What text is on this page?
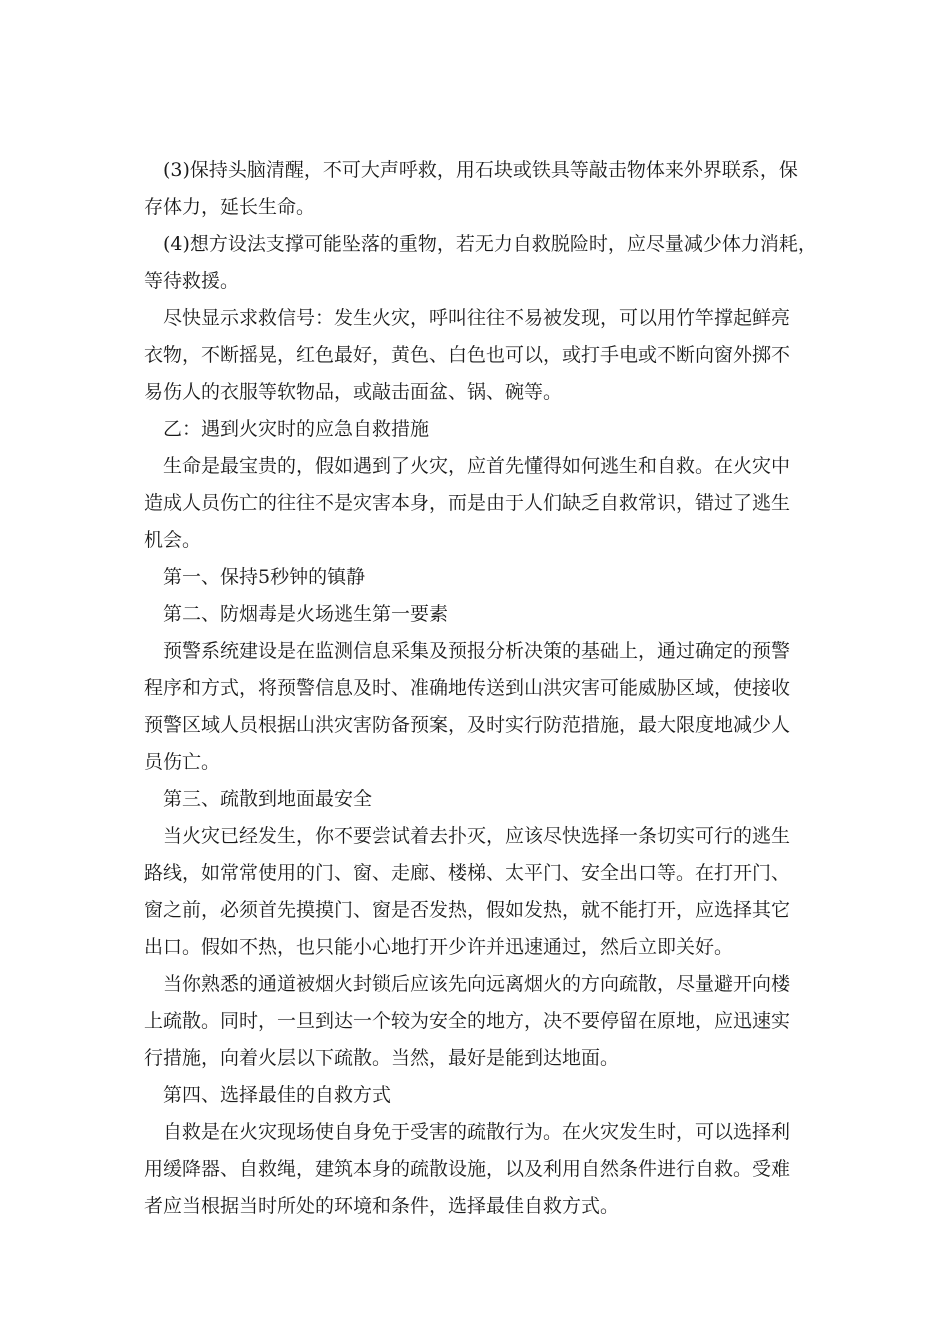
(3)保持头脑清醒，不可大声呼救，用石块或铁具等敲击物体来外界联系，保
存体力，延长生命。

(4)想方设法支撑可能坠落的重物，若无力自救脱险时，应尽量减少体力消耗，
等待救援。

尽快显示求救信号：发生火灾，呼叫往往不易被发现，可以用竹竿撑起鲜亮
衣物，不断摇晃，红色最好，黄色、白色也可以，或打手电或不断向窗外掷不
易伤人的衣服等软物品，或敲击面盆、锅、碗等。

乙：遇到火灾时的应急自救措施

生命是最宝贵的，假如遇到了火灾，应首先懂得如何逃生和自救。在火灾中
造成人员伤亡的往往不是灾害本身，而是由于人们缺乏自救常识，错过了逃生
机会。

第一、保持5秒钟的镇静

第二、防烟毒是火场逃生第一要素

预警系统建设是在监测信息采集及预报分析决策的基础上，通过确定的预警
程序和方式，将预警信息及时、准确地传送到山洪灾害可能威胁区域，使接收
预警区域人员根据山洪灾害防备预案，及时实行防范措施，最大限度地减少人
员伤亡。

第三、疏散到地面最安全

当火灾已经发生，你不要尝试着去扑灭，应该尽快选择一条切实可行的逃生
路线，如常常使用的门、窗、走廊、楼梯、太平门、安全出口等。在打开门、
窗之前，必须首先摸摸门、窗是否发热，假如发热，就不能打开，应选择其它
出口。假如不热，也只能小心地打开少许并迅速通过，然后立即关好。

当你熟悉的通道被烟火封锁后应该先向远离烟火的方向疏散，尽量避开向楼
上疏散。同时，一旦到达一个较为安全的地方，决不要停留在原地，应迅速实
行措施，向着火层以下疏散。当然，最好是能到达地面。

第四、选择最佳的自救方式

自救是在火灾现场使自身免于受害的疏散行为。在火灾发生时，可以选择利
用缓降器、自救绳，建筑本身的疏散设施，以及利用自然条件进行自救。受难
者应当根据当时所处的环境和条件，选择最佳自救方式。
